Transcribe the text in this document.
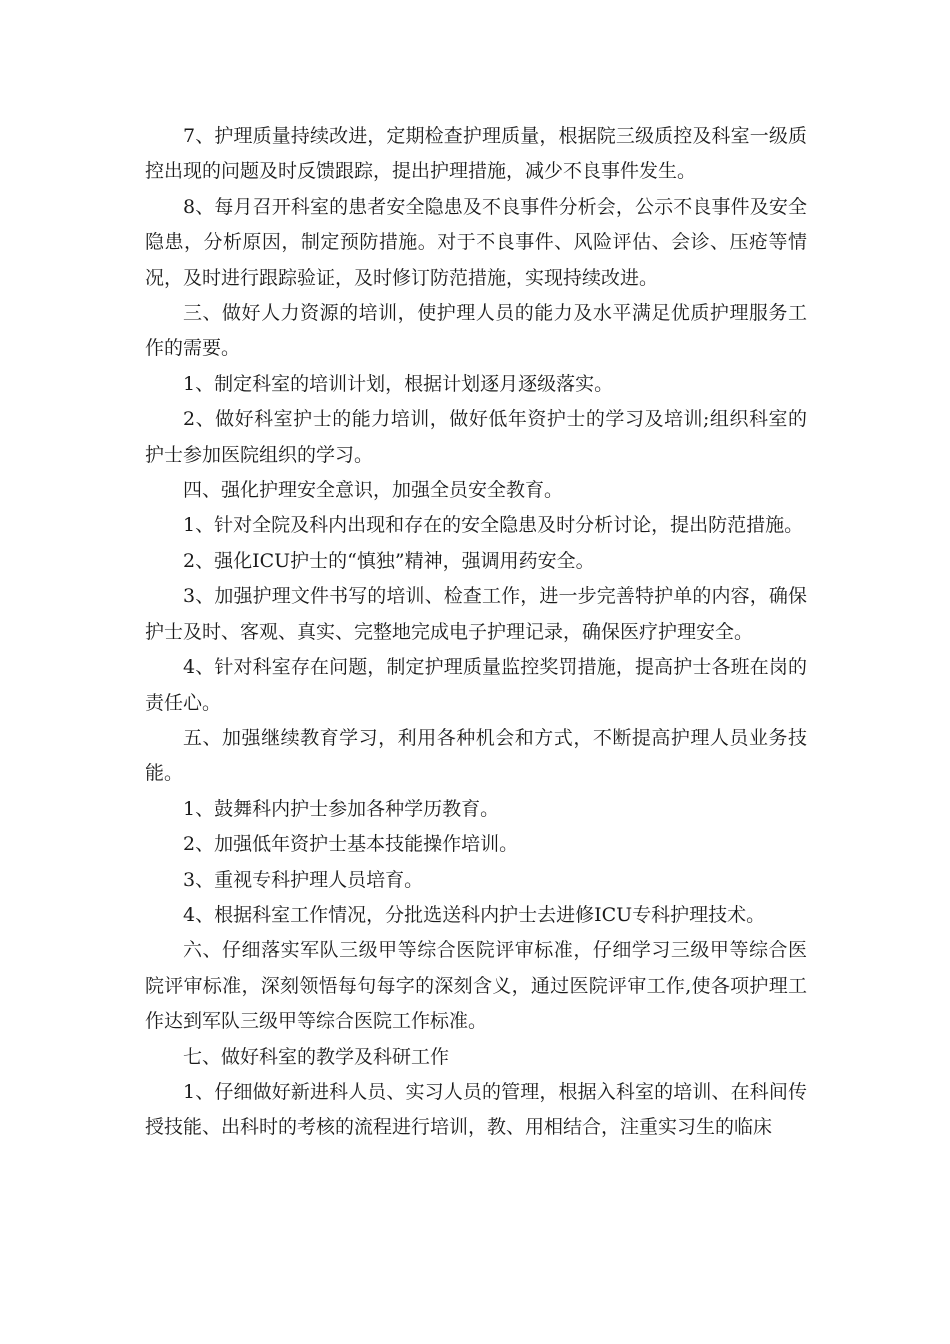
7、护理质量持续改进，定期检查护理质量，根据院三级质控及科室一级质控出现的问题及时反馈跟踪，提出护理措施，减少不良事件发生。

8、每月召开科室的患者安全隐患及不良事件分析会，公示不良事件及安全隐患，分析原因，制定预防措施。对于不良事件、风险评估、会诊、压疮等情况，及时进行跟踪验证，及时修订防范措施，实现持续改进。

三、做好人力资源的培训，使护理人员的能力及水平满足优质护理服务工作的需要。

1、制定科室的培训计划，根据计划逐月逐级落实。

2、做好科室护士的能力培训，做好低年资护士的学习及培训;组织科室的护士参加医院组织的学习。

四、强化护理安全意识，加强全员安全教育。

1、针对全院及科内出现和存在的安全隐患及时分析讨论，提出防范措施。

2、强化ICU护士的“慎独”精神，强调用药安全。

3、加强护理文件书写的培训、检查工作，进一步完善特护单的内容，确保护士及时、客观、真实、完整地完成电子护理记录，确保医疗护理安全。

4、针对科室存在问题，制定护理质量监控奖罚措施，提高护士各班在岗的责任心。

五、加强继续教育学习，利用各种机会和方式，不断提高护理人员业务技能。

1、鼓舞科内护士参加各种学历教育。

2、加强低年资护士基本技能操作培训。

3、重视专科护理人员培育。

4、根据科室工作情况，分批选送科内护士去进修ICU专科护理技术。

六、仔细落实军队三级甲等综合医院评审标准，仔细学习三级甲等综合医院评审标准，深刻领悟每句每字的深刻含义，通过医院评审工作,使各项护理工作达到军队三级甲等综合医院工作标准。

七、做好科室的教学及科研工作

1、仔细做好新进科人员、实习人员的管理，根据入科室的培训、在科间传授技能、出科时的考核的流程进行培训，教、用相结合，注重实习生的临床
